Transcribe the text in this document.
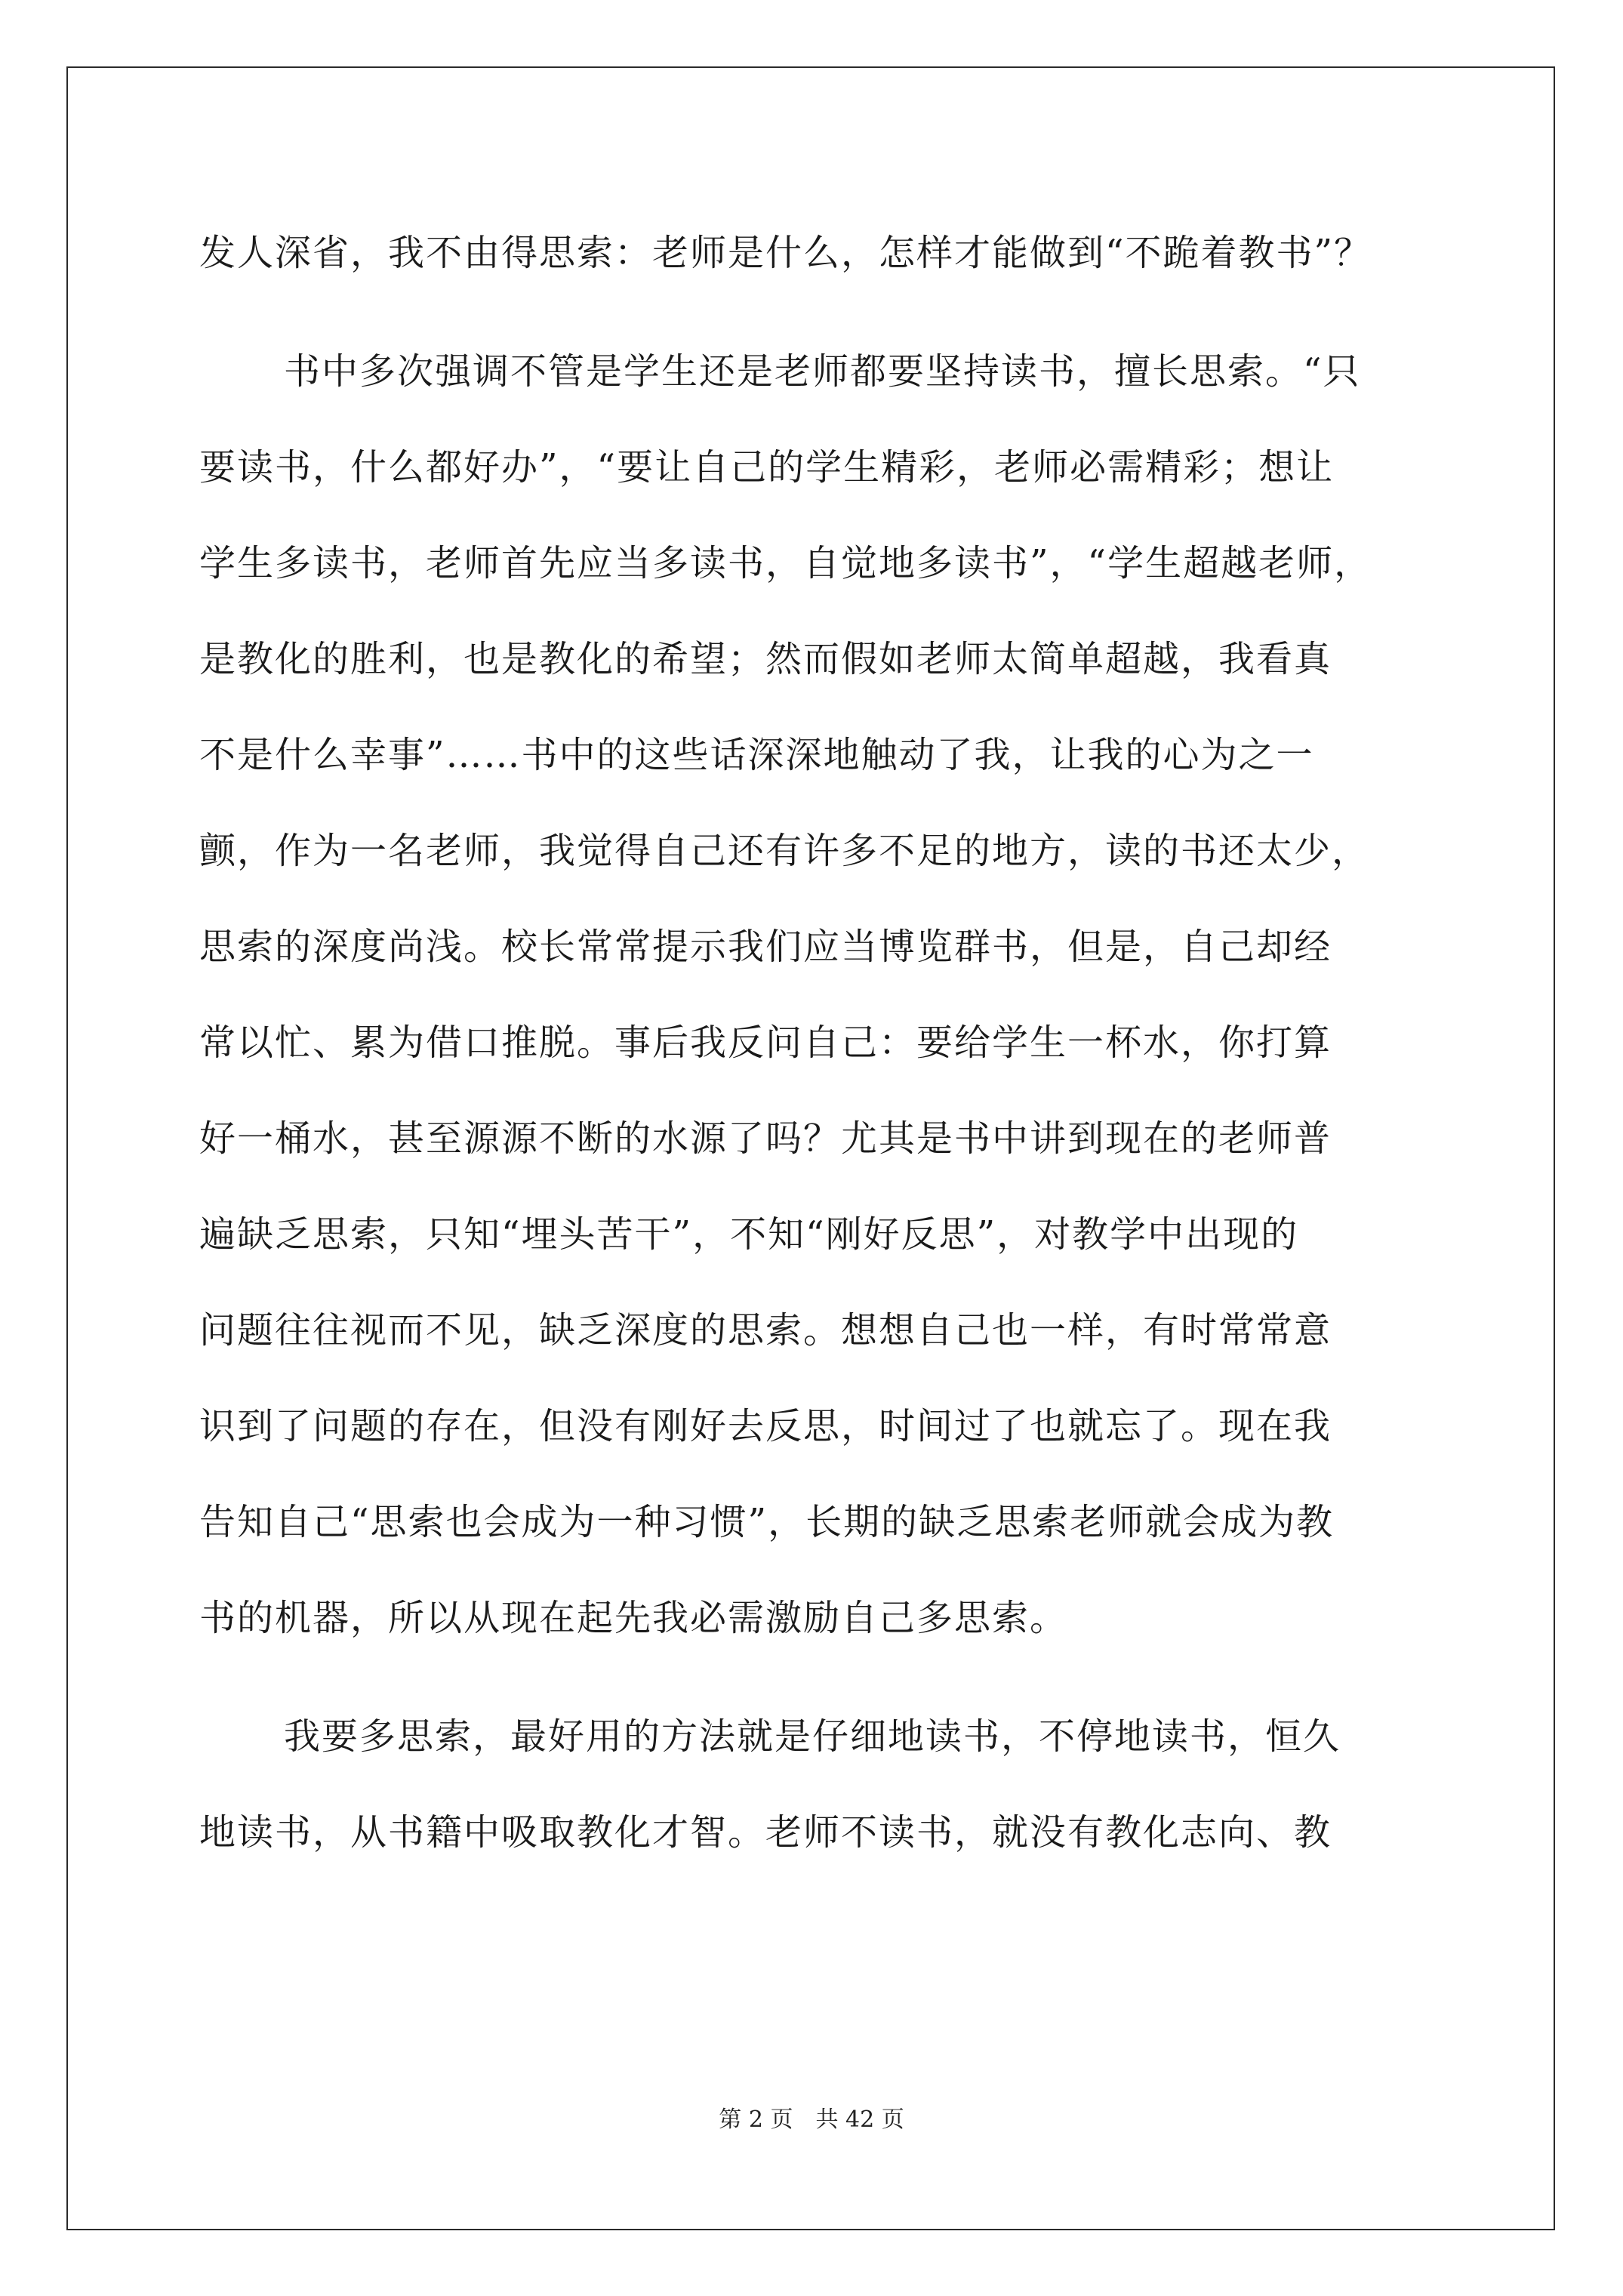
发人深省，我不由得思索：老师是什么，怎样才能做到“不跪着教书”？
书中多次强调不管是学生还是老师都要坚持读书，擅长思索。“只
要读书，什么都好办”，“要让自己的学生精彩，老师必需精彩；想让
学生多读书，老师首先应当多读书，自觉地多读书”，“学生超越老师，
是教化的胜利，也是教化的希望；然而假如老师太简单超越，我看真
不是什么幸事”……书中的这些话深深地触动了我，让我的心为之一
颤，作为一名老师，我觉得自己还有许多不足的地方，读的书还太少，
思索的深度尚浅。校长常常提示我们应当博览群书，但是，自己却经
常以忙、累为借口推脱。事后我反问自己：要给学生一杯水，你打算
好一桶水，甚至源源不断的水源了吗？尤其是书中讲到现在的老师普
遍缺乏思索，只知“埋头苦干”，不知“刚好反思”，对教学中出现的
问题往往视而不见，缺乏深度的思索。想想自己也一样，有时常常意
识到了问题的存在，但没有刚好去反思，时间过了也就忘了。现在我
告知自己“思索也会成为一种习惯”，长期的缺乏思索老师就会成为教
书的机器，所以从现在起先我必需激励自己多思索。
我要多思索，最好用的方法就是仔细地读书，不停地读书，恒久
地读书，从书籍中吸取教化才智。老师不读书，就没有教化志向、教
第 2 页　共 42 页
